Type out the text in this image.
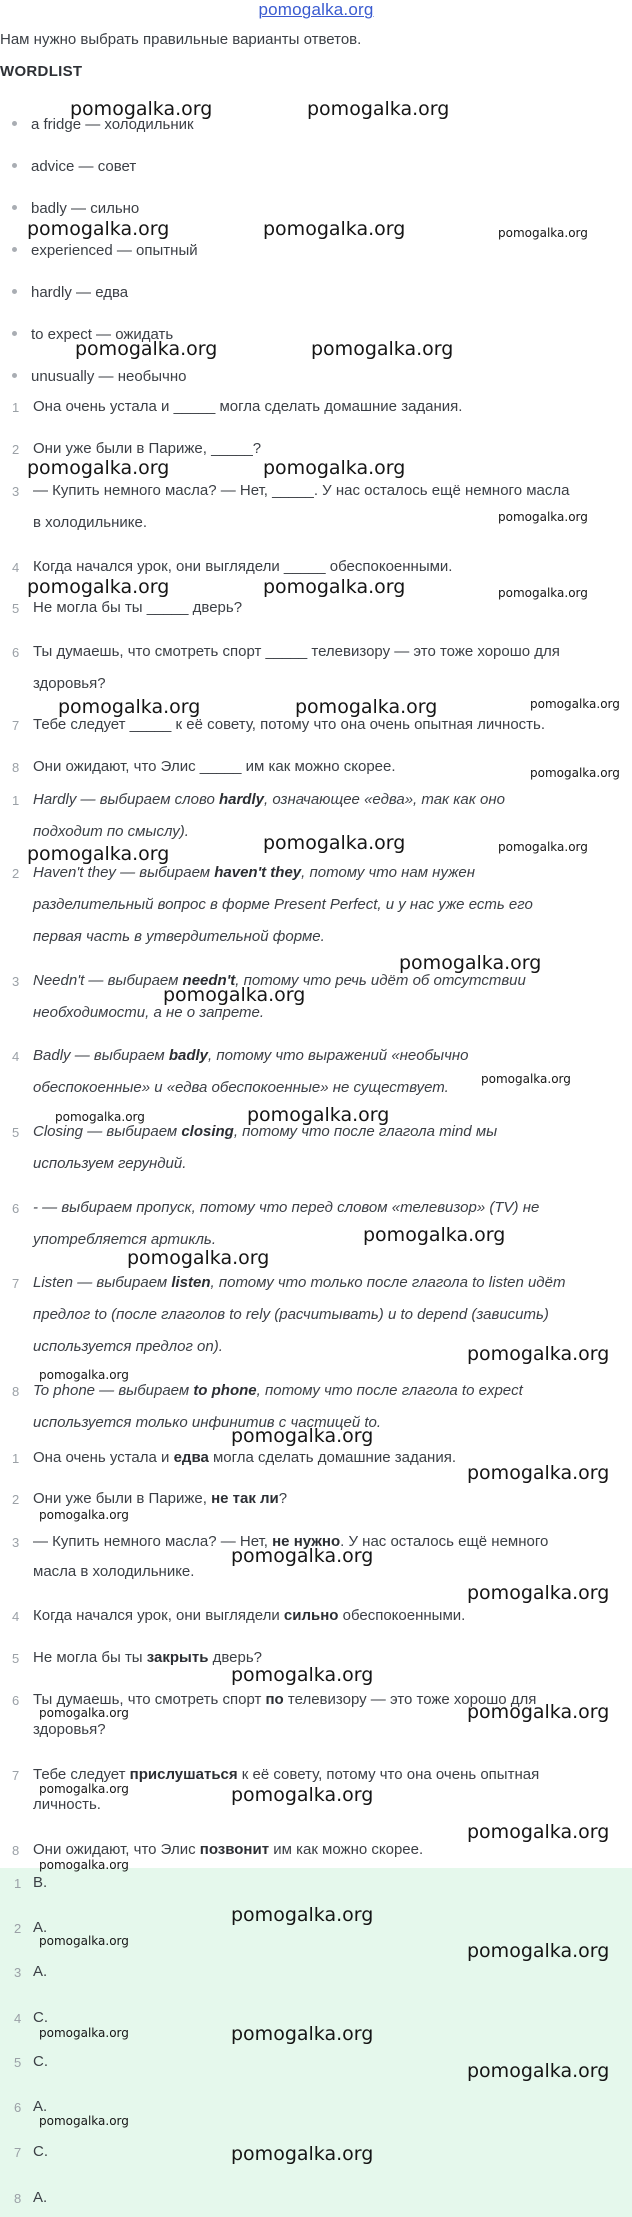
pomogalka.org
Нам нужно выбрать правильные варианты ответов.
WORDLIST
a fridge — холодильник
advice — совет
badly — сильно
experienced — опытный
hardly — едва
to expect — ожидать
unusually — необычно
1 Она очень устала и _____ могла сделать домашние задания.
2 Они уже были в Париже, _____?
3 — Купить немного масла? — Нет, _____. У нас осталось ещё немного масла
в холодильнике.
4 Когда начался урок, они выглядели _____ обеспокоенными.
5 Не могла бы ты _____ дверь?
6 Ты думаешь, что смотреть спорт _____ телевизору — это тоже хорошо для
здоровья?
7 Тебе следует _____ к её совету, потому что она очень опытная личность.
8 Они ожидают, что Элис _____ им как можно скорее.
1 Hardly — выбираем слово hardly, означающее «едва», так как оно
подходит по смыслу).
2 Haven't they — выбираем haven't they, потому что нам нужен
разделительный вопрос в форме Present Perfect, и у нас уже есть его
первая часть в утвердительной форме.
3 Needn't — выбираем needn't, потому что речь идёт об отсутствии
необходимости, а не о запрете.
4 Badly — выбираем badly, потому что выражений «необычно
обеспокоенные» и «едва обеспокоенные» не существует.
5 Closing — выбираем closing, потому что после глагола mind мы
используем герундий.
6 - — выбираем пропуск, потому что перед словом «телевизор» (TV) не
употребляется артикль.
7 Listen — выбираем listen, потому что только после глагола to listen идёт
предлог to (после глаголов to rely (расчитывать) и to depend (зависить)
используется предлог on).
8 To phone — выбираем to phone, потому что после глагола to expect
используется только инфинитив с частицей to.
1 Она очень устала и едва могла сделать домашние задания.
2 Они уже были в Париже, не так ли?
3 — Купить немного масла? — Нет, не нужно. У нас осталось ещё немного
масла в холодильнике.
4 Когда начался урок, они выглядели сильно обеспокоенными.
5 Не могла бы ты закрыть дверь?
6 Ты думаешь, что смотреть спорт по телевизору — это тоже хорошо для
здоровья?
7 Тебе следует прислушаться к её совету, потому что она очень опытная
личность.
8 Они ожидают, что Элис позвонит им как можно скорее.
1 B.
2 A.
3 A.
4 C.
5 C.
6 A.
7 C.
8 A.
pomogalka.org	pomogalka.org
pomogalka.org	pomogalka.org	pomogalka.org
pomogalka.org	pomogalka.org
pomogalka.org	pomogalka.org
pomogalka.org
pomogalka.org	pomogalka.org	pomogalka.org
pomogalka.org	pomogalka.org	pomogalka.org
pomogalka.org
pomogalka.org
pomogalka.org
pomogalka.org
pomogalka.org
pomogalka.org
pomogalka.org
pomogalka.org	pomogalka.org
pomogalka.org
pomogalka.org
pomogalka.org
pomogalka.org
pomogalka.org
pomogalka.org
pomogalka.org
pomogalka.org
pomogalka.org
pomogalka.org
pomogalka.org	pomogalka.org
pomogalka.org	pomogalka.org
pomogalka.org
pomogalka.org
pomogalka.org
pomogalka.org	pomogalka.org
pomogalka.org	pomogalka.org
pomogalka.org
pomogalka.org
pomogalka.org
